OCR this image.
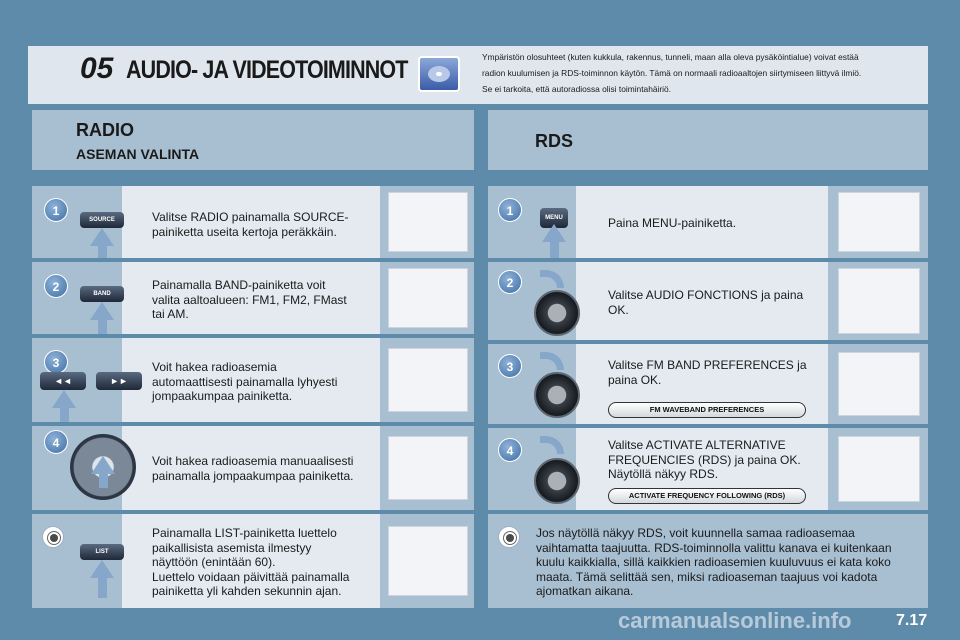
05 AUDIO- JA VIDEOTOIMINNOT	Ympäristön olosuhteet (kuten kukkula, rakennus, tunneli, maan alla oleva pysäköintialue) voivat estää
radion kuulumisen ja RDS-toiminnon käytön. Tämä on normaali radioaaltojen siirtymiseen liittyvä ilmiö.
Se ei tarkoita, että autoradiossa olisi toimintahäiriö.
RADIO
ASEMAN VALINTA
RDS
1
SOURCE	Valitse RADIO painamalla SOURCE-
painiketta useita kertoja peräkkäin.
2	BAND
Painamalla BAND-painiketta voit
valita aaltoalueen: FM1, FM2, FMast
tai AM.
3
◄◄	►►
Voit hakea radioasemia
automaattisesti painamalla lyhyesti
jompaakumpaa painiketta.
4
Voit hakea radioasemia manuaalisesti
painamalla jompaakumpaa painiketta.
LIST
Painamalla LIST-painiketta luettelo
paikallisista asemista ilmestyy
näyttöön (enintään 60).
Luettelo voidaan päivittää painamalla
painiketta yli kahden sekunnin ajan.
1	MENU	Paina MENU-painiketta.
2
Valitse AUDIO FONCTIONS ja paina
OK.
3	Valitse FM BAND PREFERENCES ja
paina OK.
FM WAVEBAND PREFERENCES
4	Valitse ACTIVATE ALTERNATIVE
FREQUENCIES (RDS) ja paina OK.
Näytöllä näkyy RDS.
ACTIVATE FREQUENCY FOLLOWING (RDS)
Jos näytöllä näkyy RDS, voit kuunnella samaa radioasemaa
vaihtamatta taajuutta. RDS-toiminnolla valittu kanava ei kuitenkaan
kuulu kaikkialla, sillä kaikkien radioasemien kuuluvuus ei kata koko
maata. Tämä selittää sen, miksi radioaseman taajuus voi kadota
ajomatkan aikana.
carmanualsonline.info	7.17
